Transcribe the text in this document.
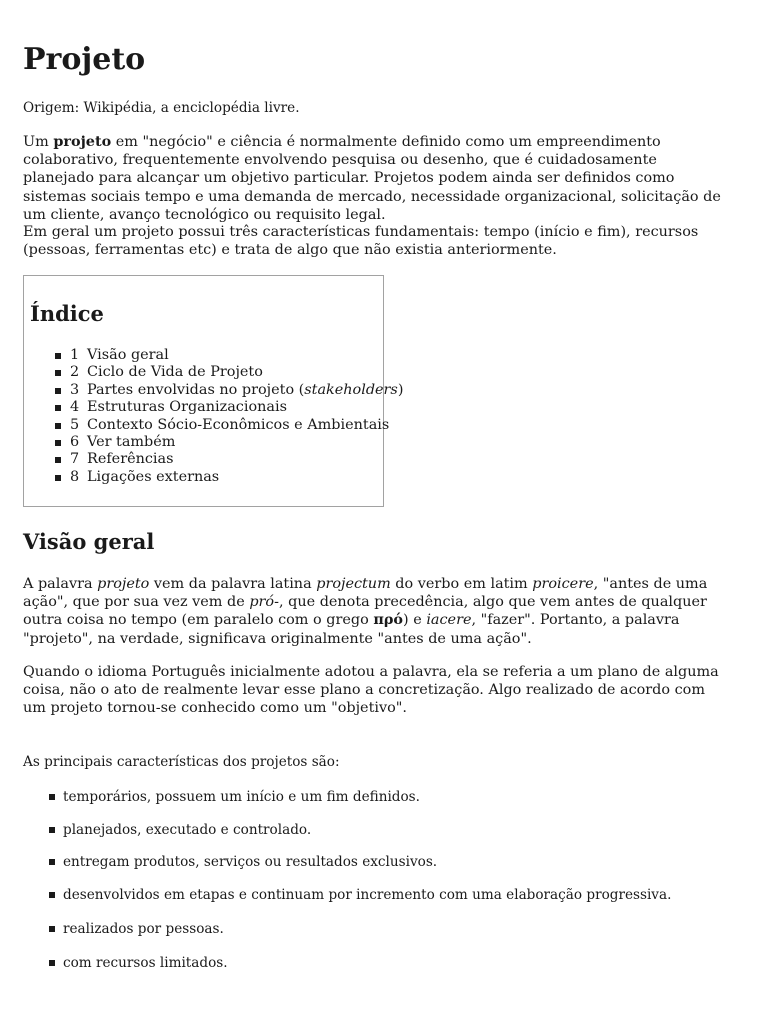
Projeto

Origem: Wikipédia, a enciclopédia livre.

Um projeto em "negócio" e ciência é normalmente definido como um empreendimento colaborativo, frequentemente envolvendo pesquisa ou desenho, que é cuidadosamente planejado para alcançar um objetivo particular. Projetos podem ainda ser definidos como sistemas sociais tempo e uma demanda de mercado, necessidade organizacional, solicitação de um cliente, avanço tecnológico ou requisito legal.

Em geral um projeto possui três características fundamentais: tempo (início e fim), recursos (pessoas, ferramentas etc) e trata de algo que não existia anteriormente.

Índice
1 Visão geral
2 Ciclo de Vida de Projeto
3 Partes envolvidas no projeto (stakeholders)
4 Estruturas Organizacionais
5 Contexto Sócio-Econômicos e Ambientais
6 Ver também
7 Referências
8 Ligações externas
Visão geral

A palavra projeto vem da palavra latina projectum do verbo em latim proicere, "antes de uma ação", que por sua vez vem de pró-, que denota precedência, algo que vem antes de qualquer outra coisa no tempo (em paralelo com o grego πρό) e iacere, "fazer". Portanto, a palavra "projeto", na verdade, significava originalmente "antes de uma ação".

Quando o idioma Português inicialmente adotou a palavra, ela se referia a um plano de alguma coisa, não o ato de realmente levar esse plano a concretização. Algo realizado de acordo com um projeto tornou-se conhecido como um "objetivo".

As principais características dos projetos são:

temporários, possuem um início e um fim definidos.
planejados, executado e controlado.
entregam produtos, serviços ou resultados exclusivos.
desenvolvidos em etapas e continuam por incremento com uma elaboração progressiva.
realizados por pessoas.
com recursos limitados.
